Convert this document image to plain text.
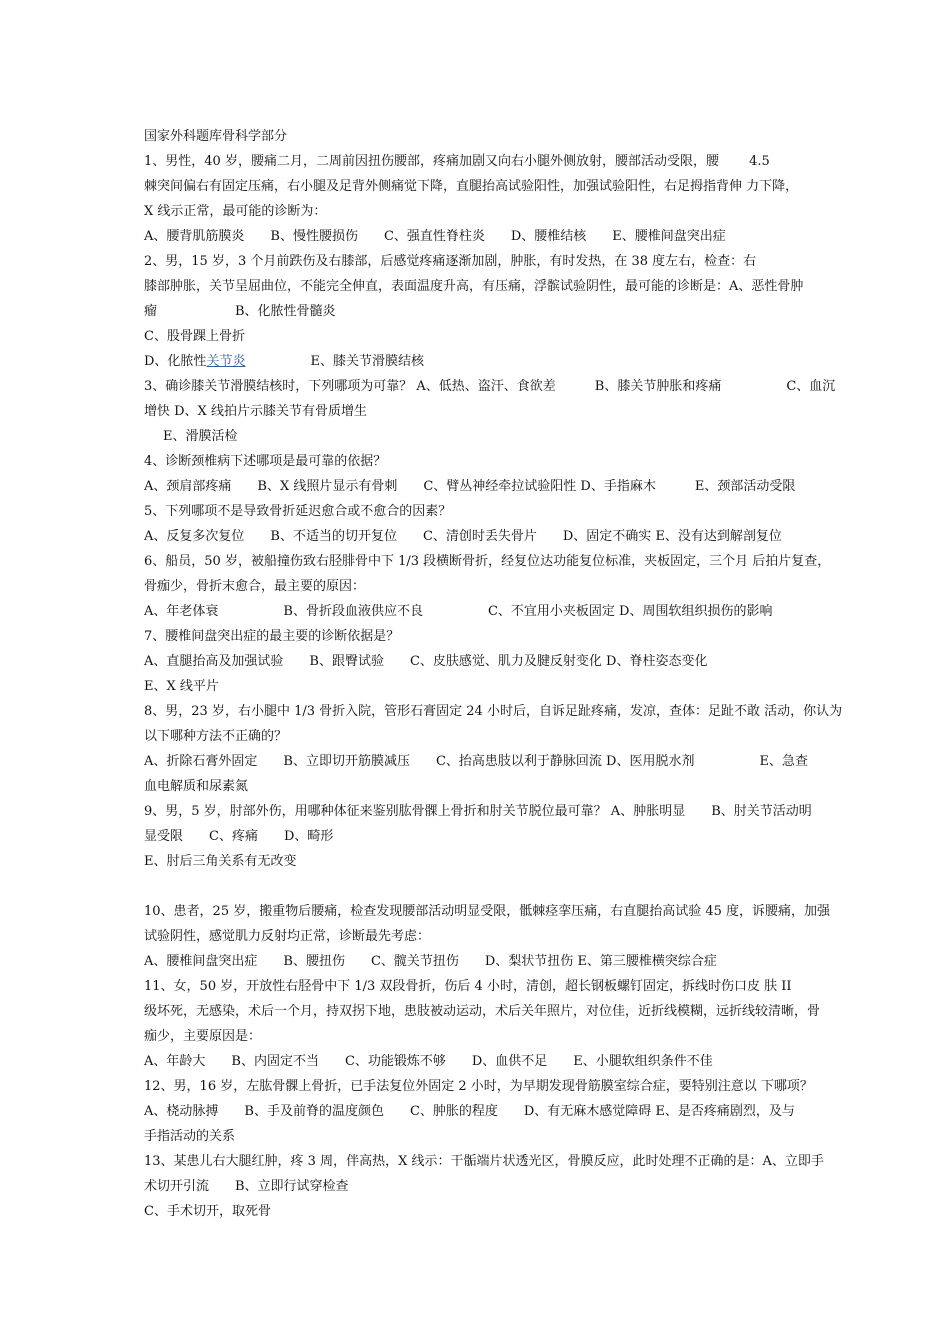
国家外科题库骨科学部分
1、男性，40 岁，腰痛二月，二周前因扭伤腰部，疼痛加剧又向右小腿外侧放射，腰部活动受限，腰 　　4.5
棘突间偏右有固定压痛，右小腿及足背外侧痛觉下降，直腿抬高试验阳性，加强试验阳性，右足拇指背伸 力下降，
X 线示正常，最可能的诊断为：
A、腰背肌筋膜炎　　B、慢性腰损伤　　C、强直性脊柱炎　　D、腰椎结核　　E、腰椎间盘突出症
2、男，15 岁，3 个月前跌伤及右膝部，后感觉疼痛逐渐加剧，肿胀，有时发热，在 38 度左右，检查：右
膝部肿胀，关节呈屈曲位，不能完全伸直，表面温度升高，有压痛，浮髌试验阴性，最可能的诊断是：A、恶性骨肿
瘤　　　　　　B、化脓性骨髓炎
C、股骨踝上骨折
D、化脓性关节炎　　　　　E、膝关节滑膜结核
3、确诊膝关节滑膜结核时，下列哪项为可靠？ A、低热、盗汗、食欲差　　　B、膝关节肿胀和疼痛　　　　　C、血沉
增快 D、X 线拍片示膝关节有骨质增生
E、滑膜活检
4、诊断颈椎病下述哪项是最可靠的依据？
A、颈肩部疼痛　　B、X 线照片显示有骨刺　　C、臂丛神经牵拉试验阳性 D、手指麻木　　　E、颈部活动受限
5、下列哪项不是导致骨折延迟愈合或不愈合的因素？
A、反复多次复位　　B、不适当的切开复位　　C、清创时丢失骨片　　D、固定不确实 E、没有达到解剖复位
6、船员，50 岁，被船撞伤致右胫腓骨中下 1/3 段横断骨折，经复位达功能复位标准，夹板固定，三个月 后拍片复查，
骨痂少，骨折末愈合，最主要的原因：
A、年老体衰　　　　　B、骨折段血液供应不良　　　　　C、不宜用小夹板固定 D、周围软组织损伤的影响
7、腰椎间盘突出症的最主要的诊断依据是？
A、直腿抬高及加强试验　　B、跟臀试验　　C、皮肤感觉、肌力及腱反射变化 D、脊柱姿态变化
E、X 线平片
8、男，23 岁，右小腿中 1/3 骨折入院，管形石膏固定 24 小时后，自诉足趾疼痛，发凉，查体：足趾不敢 活动，你认为
以下哪种方法不正确的？
A、折除石膏外固定　　B、立即切开筋膜减压　　C、抬高患肢以利于静脉回流 D、医用脱水剂　　　　　E、急查
血电解质和尿素氮
9、男，5 岁，肘部外伤，用哪种体征来鉴别肱骨髁上骨折和肘关节脱位最可靠？ A、肿胀明显　　B、肘关节活动明
显受限　　C、疼痛　　D、畸形
E、肘后三角关系有无改变
10、患者，25 岁，搬重物后腰痛，检查发现腰部活动明显受限，骶棘痉挛压痛，右直腿抬高试验 45 度，诉腰痛，加强
试验阴性，感觉肌力反射均正常，诊断最先考虑：
A、腰椎间盘突出症　　B、腰扭伤　　C、髋关节扭伤　　D、梨状节扭伤 E、第三腰椎横突综合症
11、女，50 岁，开放性右胫骨中下 1/3 双段骨折，伤后 4 小时，清创，超长钢板螺钉固定，拆线时伤口皮 肤 II
级坏死，无感染，术后一个月，持双拐下地，患肢被动运动，术后关年照片，对位佳，近折线模糊，远折线较清晰，骨
痂少，主要原因是：
A、年龄大　　B、内固定不当　　C、功能锻炼不够　　D、血供不足　　E、小腿软组织条件不佳
12、男，16 岁，左肱骨髁上骨折，已手法复位外固定 2 小时，为早期发现骨筋膜室综合症，要特别注意以 下哪项？
A、桡动脉搏　　B、手及前脊的温度颜色　　C、肿胀的程度　　D、有无麻木感觉障碍 E、是否疼痛剧烈，及与
手指活动的关系
13、某患儿右大腿红肿，疼 3 周，伴高热，X 线示：干骺端片状透光区，骨膜反应，此时处理不正确的是：A、立即手
术切开引流　　B、立即行试穿检查
C、手术切开，取死骨
